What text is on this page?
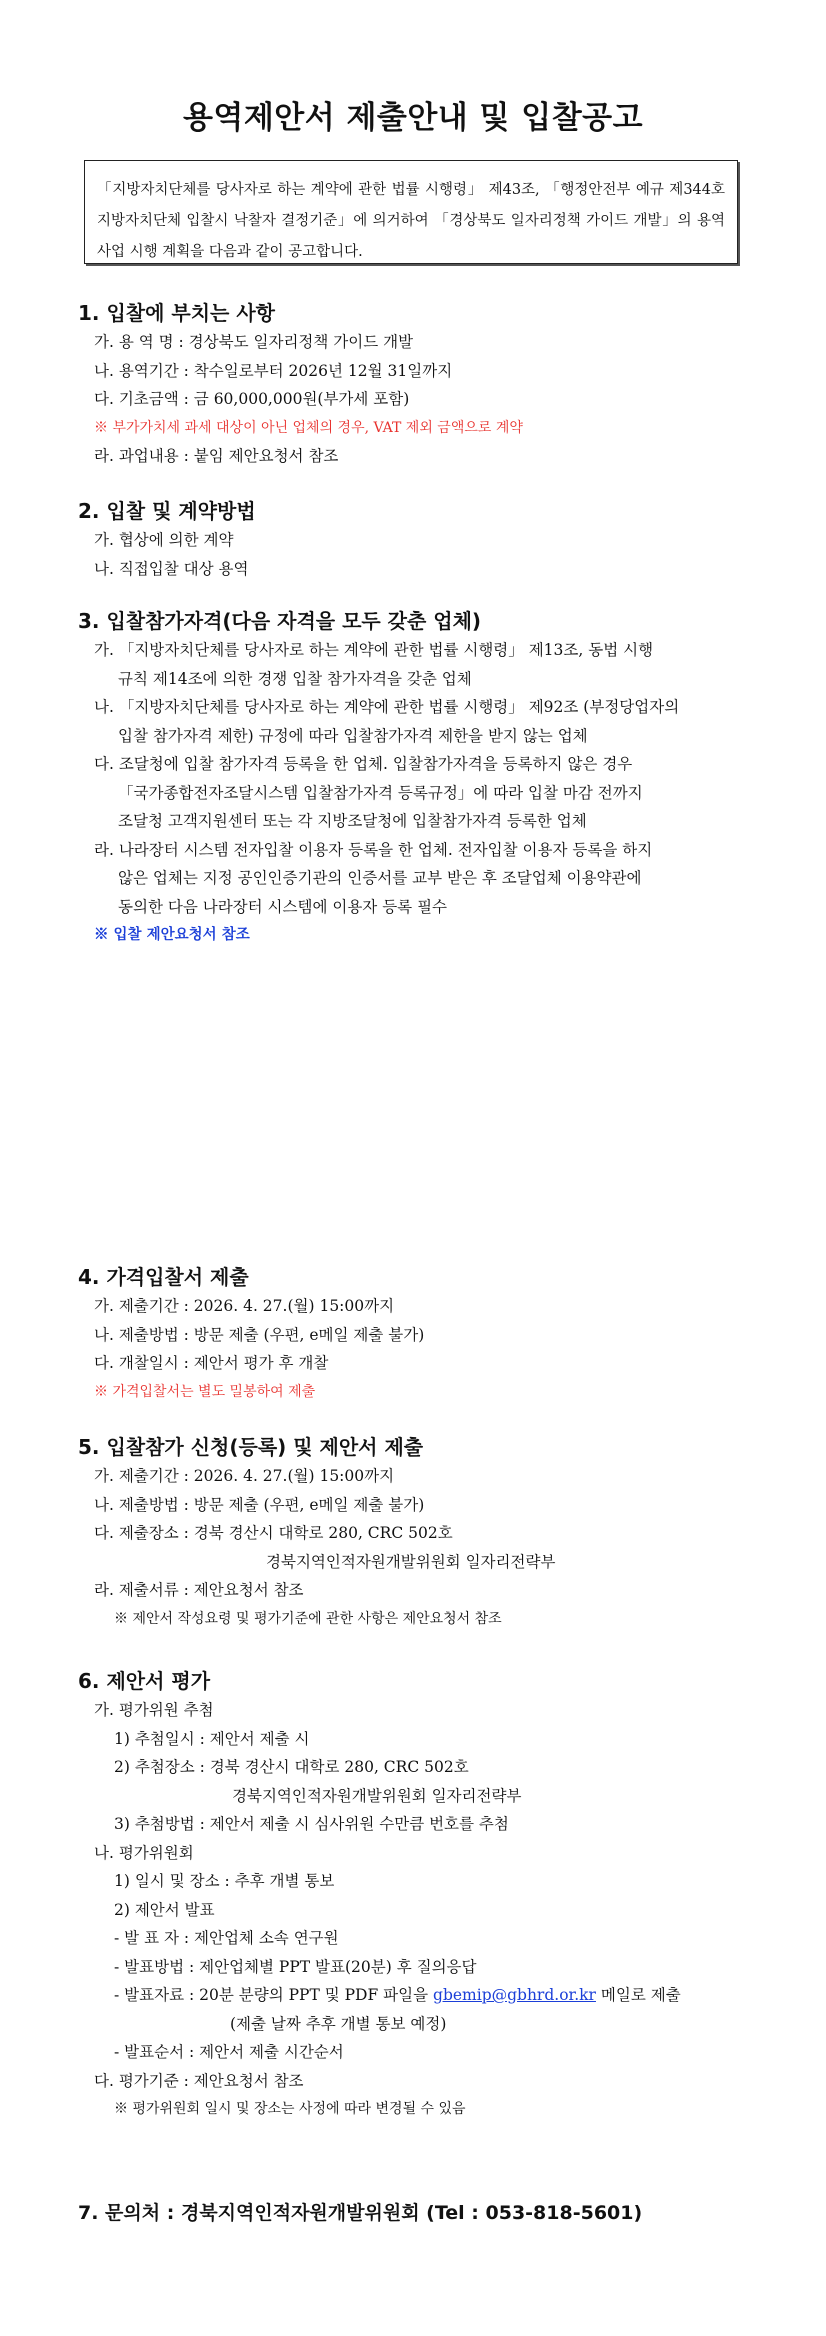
용역제안서 제출안내 및 입찰공고

「지방자치단체를 당사자로 하는 계약에 관한 법률 시행령」 제43조, 「행정안전부 예규 제344호 지방자치단체 입찰시 낙찰자 결정기준」에 의거하여 「경상북도 일자리정책 가이드 개발」의 용역사업 시행 계획을 다음과 같이 공고합니다.

1. 입찰에 부치는 사항
가. 용 역 명 : 경상북도 일자리정책 가이드 개발
나. 용역기간 : 착수일로부터 2026년 12월 31일까지
다. 기초금액 : 금 60,000,000원(부가세 포함)
※ 부가가치세 과세 대상이 아닌 업체의 경우, VAT 제외 금액으로 계약
라. 과업내용 : 붙임 제안요청서 참조
2. 입찰 및 계약방법
가. 협상에 의한 계약
나. 직접입찰 대상 용역
3. 입찰참가자격(다음 자격을 모두 갖춘 업체)
가. 「지방자치단체를 당사자로 하는 계약에 관한 법률 시행령」 제13조, 동법 시행
규칙 제14조에 의한 경쟁 입찰 참가자격을 갖춘 업체
나. 「지방자치단체를 당사자로 하는 계약에 관한 법률 시행령」 제92조 (부정당업자의
입찰 참가자격 제한) 규정에 따라 입찰참가자격 제한을 받지 않는 업체
다. 조달청에 입찰 참가자격 등록을 한 업체. 입찰참가자격을 등록하지 않은 경우
「국가종합전자조달시스템 입찰참가자격 등록규정」에 따라 입찰 마감 전까지
조달청 고객지원센터 또는 각 지방조달청에 입찰참가자격 등록한 업체
라. 나라장터 시스템 전자입찰 이용자 등록을 한 업체. 전자입찰 이용자 등록을 하지
않은 업체는 지정 공인인증기관의 인증서를 교부 받은 후 조달업체 이용약관에
동의한 다음 나라장터 시스템에 이용자 등록 필수
※ 입찰 제안요청서 참조
4. 가격입찰서 제출
가. 제출기간 : 2026. 4. 27.(월) 15:00까지
나. 제출방법 : 방문 제출 (우편, e메일 제출 불가)
다. 개찰일시 : 제안서 평가 후 개찰
※ 가격입찰서는 별도 밀봉하여 제출
5. 입찰참가 신청(등록) 및 제안서 제출
가. 제출기간 : 2026. 4. 27.(월) 15:00까지
나. 제출방법 : 방문 제출 (우편, e메일 제출 불가)
다. 제출장소 : 경북 경산시 대학로 280, CRC 502호
경북지역인적자원개발위원회 일자리전략부
라. 제출서류 : 제안요청서 참조
※ 제안서 작성요령 및 평가기준에 관한 사항은 제안요청서 참조
6. 제안서 평가
가. 평가위원 추첨
1) 추첨일시 : 제안서 제출 시
2) 추첨장소 : 경북 경산시 대학로 280, CRC 502호
경북지역인적자원개발위원회 일자리전략부
3) 추첨방법 : 제안서 제출 시 심사위원 수만큼 번호를 추첨
나. 평가위원회
1) 일시 및 장소 : 추후 개별 통보
2) 제안서 발표
- 발 표 자 : 제안업체 소속 연구원
- 발표방법 : 제안업체별 PPT 발표(20분) 후 질의응답
- 발표자료 : 20분 분량의 PPT 및 PDF 파일을 gbemip@gbhrd.or.kr 메일로 제출
(제출 날짜 추후 개별 통보 예정)
- 발표순서 : 제안서 제출 시간순서
다. 평가기준 : 제안요청서 참조
※ 평가위원회 일시 및 장소는 사정에 따라 변경될 수 있음
7. 문의처 : 경북지역인적자원개발위원회 (Tel : 053-818-5601)
